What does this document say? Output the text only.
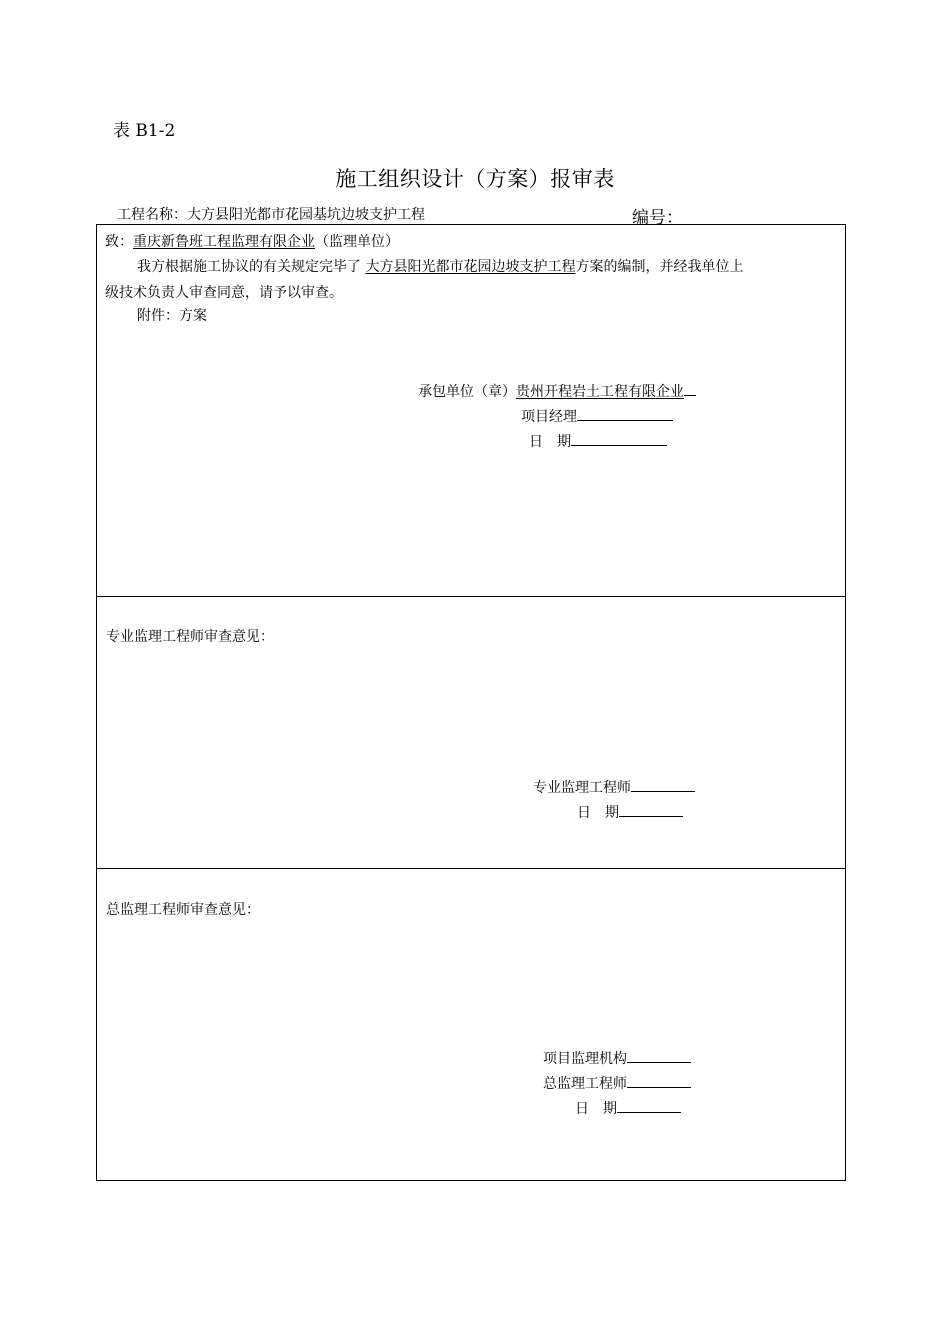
表 B1-2
施工组织设计（方案）报审表
工程名称：大方县阳光都市花园基坑边坡支护工程	编号：
致：重庆新鲁班工程监理有限企业（监理单位）
我方根据施工协议的有关规定完毕了 大方县阳光都市花园边坡支护工程方案的编制，并经我单位上
级技术负责人审查同意，请予以审查。
附件：方案
承包单位（章）贵州开程岩土工程有限企业
项目经理
日　期
专业监理工程师审查意见：
专业监理工程师
日　期
总监理工程师审查意见：
项目监理机构
总监理工程师
日　期
